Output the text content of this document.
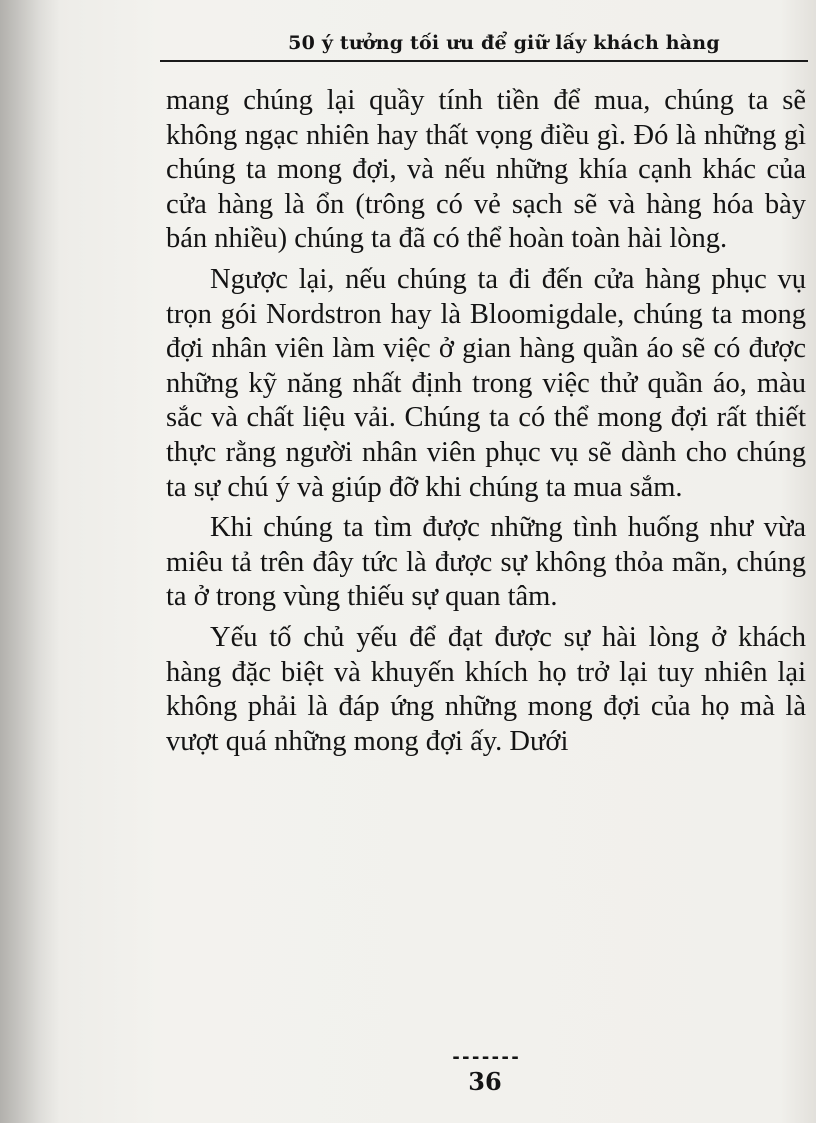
50 ý tưởng tối ưu để giữ lấy khách hàng

mang chúng lại quầy tính tiền để mua, chúng ta sẽ không ngạc nhiên hay thất vọng điều gì. Đó là những gì chúng ta mong đợi, và nếu những khía cạnh khác của cửa hàng là ổn (trông có vẻ sạch sẽ và hàng hóa bày bán nhiều) chúng ta đã có thể hoàn toàn hài lòng.

Ngược lại, nếu chúng ta đi đến cửa hàng phục vụ trọn gói Nordstron hay là Bloomigdale, chúng ta mong đợi nhân viên làm việc ở gian hàng quần áo sẽ có được những kỹ năng nhất định trong việc thử quần áo, màu sắc và chất liệu vải. Chúng ta có thể mong đợi rất thiết thực rằng người nhân viên phục vụ sẽ dành cho chúng ta sự chú ý và giúp đỡ khi chúng ta mua sắm.

Khi chúng ta tìm được những tình huống như vừa miêu tả trên đây tức là được sự không thỏa mãn, chúng ta ở trong vùng thiếu sự quan tâm.

Yếu tố chủ yếu để đạt được sự hài lòng ở khách hàng đặc biệt và khuyến khích họ trở lại tuy nhiên lại không phải là đáp ứng những mong đợi của họ mà là vượt quá những mong đợi ấy. Dưới

-------
36
